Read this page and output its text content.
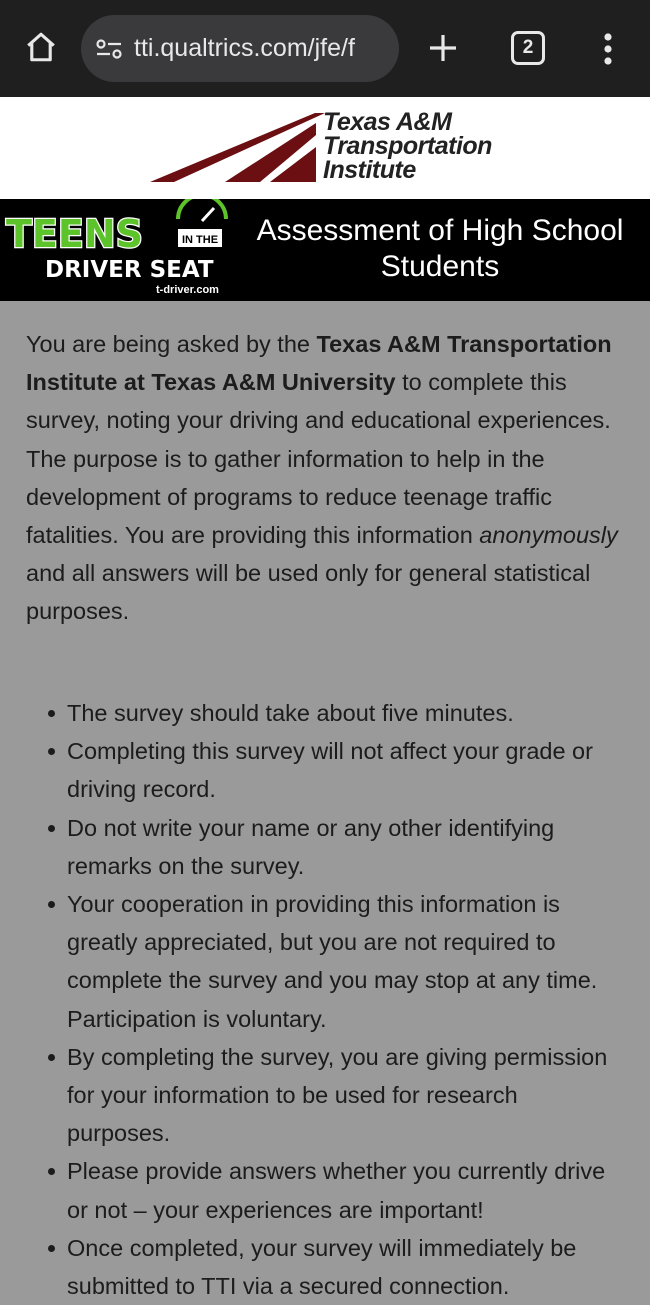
tti.qualtrics.com/jfe/f	2
Texas A&M
Transportation
Institute
TEENS	IN THE
DRIVER SEAT
t-driver.com
Assessment of High School Students

You are being asked by the Texas A&M Transportation Institute at Texas A&M University to complete this survey, noting your driving and educational experiences. The purpose is to gather information to help in the development of programs to reduce teenage traffic fatalities. You are providing this information anonymously and all answers will be used only for general statistical purposes.

The survey should take about five minutes.
Completing this survey will not affect your grade or driving record.
Do not write your name or any other identifying remarks on the survey.
Your cooperation in providing this information is greatly appreciated, but you are not required to complete the survey and you may stop at any time. Participation is voluntary.
By completing the survey, you are giving permission for your information to be used for research purposes.
Please provide answers whether you currently drive or not – your experiences are important!
Once completed, your survey will immediately be submitted to TTI via a secured connection.
